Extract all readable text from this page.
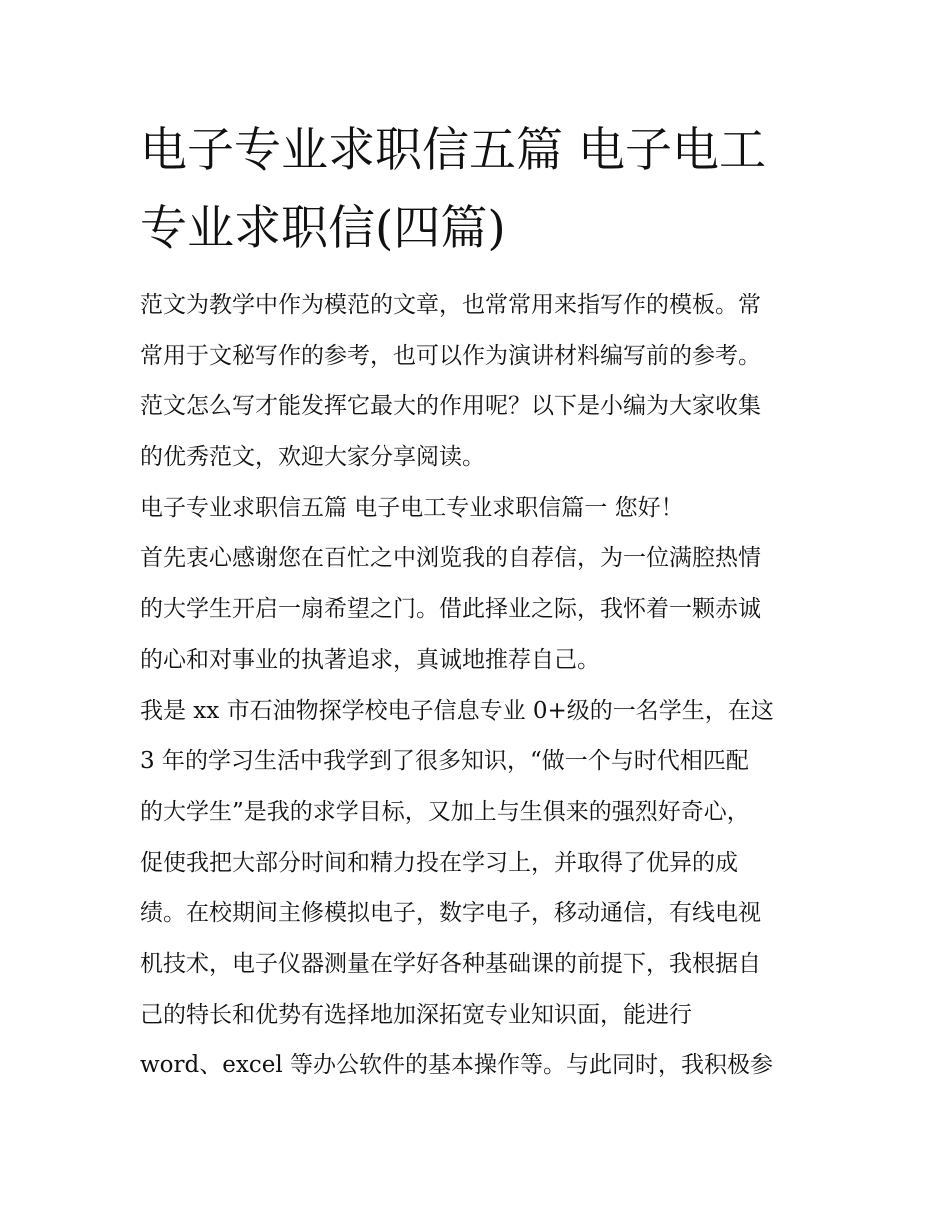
电子专业求职信五篇 电子电工
专业求职信(四篇)
范文为教学中作为模范的文章，也常常用来指写作的模板。常
常用于文秘写作的参考，也可以作为演讲材料编写前的参考。
范文怎么写才能发挥它最大的作用呢？以下是小编为大家收集
的优秀范文，欢迎大家分享阅读。
电子专业求职信五篇 电子电工专业求职信篇一 您好！
首先衷心感谢您在百忙之中浏览我的自荐信，为一位满腔热情
的大学生开启一扇希望之门。借此择业之际，我怀着一颗赤诚
的心和对事业的执著追求，真诚地推荐自己。
我是 xx 市石油物探学校电子信息专业 0+级的一名学生，在这
3 年的学习生活中我学到了很多知识，“做一个与时代相匹配
的大学生”是我的求学目标，又加上与生俱来的强烈好奇心，
促使我把大部分时间和精力投在学习上，并取得了优异的成
绩。在校期间主修模拟电子，数字电子，移动通信，有线电视
机技术，电子仪器测量在学好各种基础课的前提下，我根据自
己的特长和优势有选择地加深拓宽专业知识面，能进行
word、excel 等办公软件的基本操作等。与此同时，我积极参
